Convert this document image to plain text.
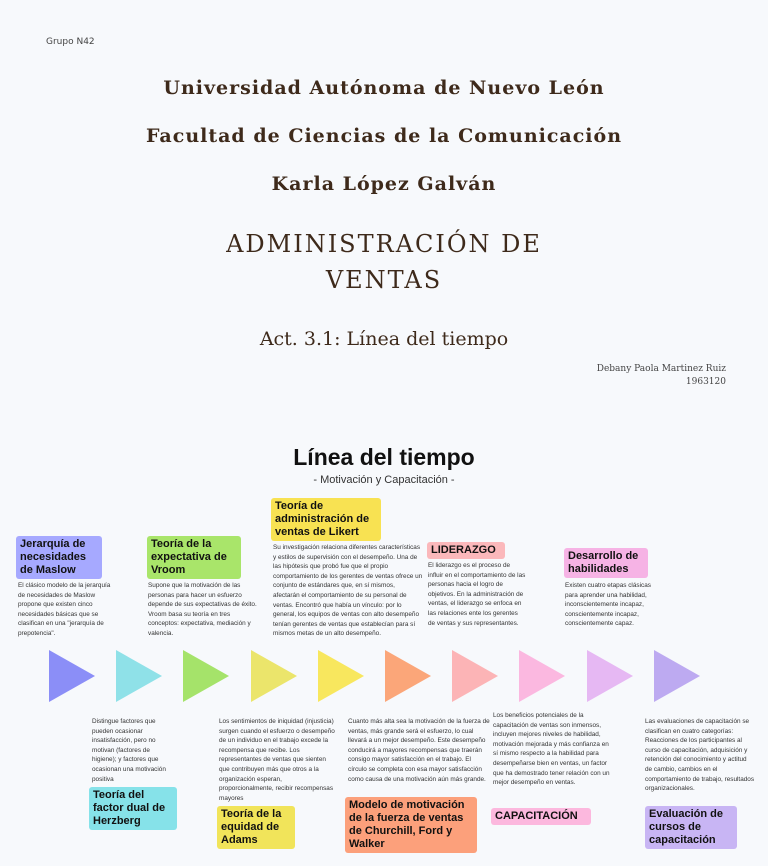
Grupo N42
Universidad Autónoma de Nuevo León
Facultad de Ciencias de la Comunicación
Karla López Galván
ADMINISTRACIÓN DE
VENTAS
Act. 3.1: Línea del tiempo
Debany Paola Martinez Ruiz
1963120
Línea del tiempo
- Motivación y Capacitación -
Jerarquía de necesidades de Maslow
El clásico modelo de la jerarquía de necesidades de Maslow propone que existen cinco necesidades básicas que se clasifican en una "jerarquía de prepotencia".
Teoría de la expectativa de Vroom
Supone que la motivación de las personas para hacer un esfuerzo depende de sus expectativas de éxito. Vroom basa su teoría en tres conceptos: expectativa, mediación y valencia.
Teoría de administración de ventas de Likert
Su investigación relaciona diferentes características y estilos de supervisión con el desempeño. Una de las hipótesis que probó fue que el propio comportamiento de los gerentes de ventas ofrece un conjunto de estándares que, en sí mismos, afectarán el comportamiento de su personal de ventas. Encontró que había un vínculo: por lo general, los equipos de ventas con alto desempeño tenían gerentes de ventas que establecían para sí mismos metas de un alto desempeño.
LIDERAZGO
El liderazgo es el proceso de influir en el comportamiento de las personas hacia el logro de objetivos. En la administración de ventas, el liderazgo se enfoca en las relaciones ente los gerentes de ventas y sus representantes.
Desarrollo de habilidades
Existen cuatro etapas clásicas para aprender una habilidad, inconscientemente incapaz, conscientemente incapaz, conscientemente capaz.
Distingue factores que pueden ocasionar insatisfacción, pero no motivan (factores de higiene); y factores que ocasionan una motivación positiva
Teoría del factor dual de Herzberg
Los sentimientos de iniquidad (injusticia) surgen cuando el esfuerzo o desempeño de un individuo en el trabajo excede la recompensa que recibe. Los representantes de ventas que sienten que contribuyen más que otros a la organización esperan, proporcionalmente, recibir recompensas mayores
Teoría de la equidad de Adams
Cuanto más alta sea la motivación de la fuerza de ventas, más grande será el esfuerzo, lo cual llevará a un mejor desempeño. Este desempeño conducirá a mayores recompensas que traerán consigo mayor satisfacción en el trabajo. El círculo se completa con esa mayor satisfacción como causa de una motivación aún más grande.
Modelo de motivación de la fuerza de ventas de Churchill, Ford y Walker
Los beneficios potenciales de la capacitación de ventas son inmensos, incluyen mejores niveles de habilidad, motivación mejorada y más confianza en sí mismo respecto a la habilidad para desempeñarse bien en ventas, un factor que ha demostrado tener relación con un mejor desempeño en ventas.
CAPACITACIÓN
Las evaluaciones de capacitación se clasifican en cuatro categorías: Reacciones de los participantes al curso de capacitación, adquisición y retención del conocimiento y actitud de cambio, cambios en el comportamiento de trabajo, resultados organizacionales.
Evaluación de cursos de capacitación
